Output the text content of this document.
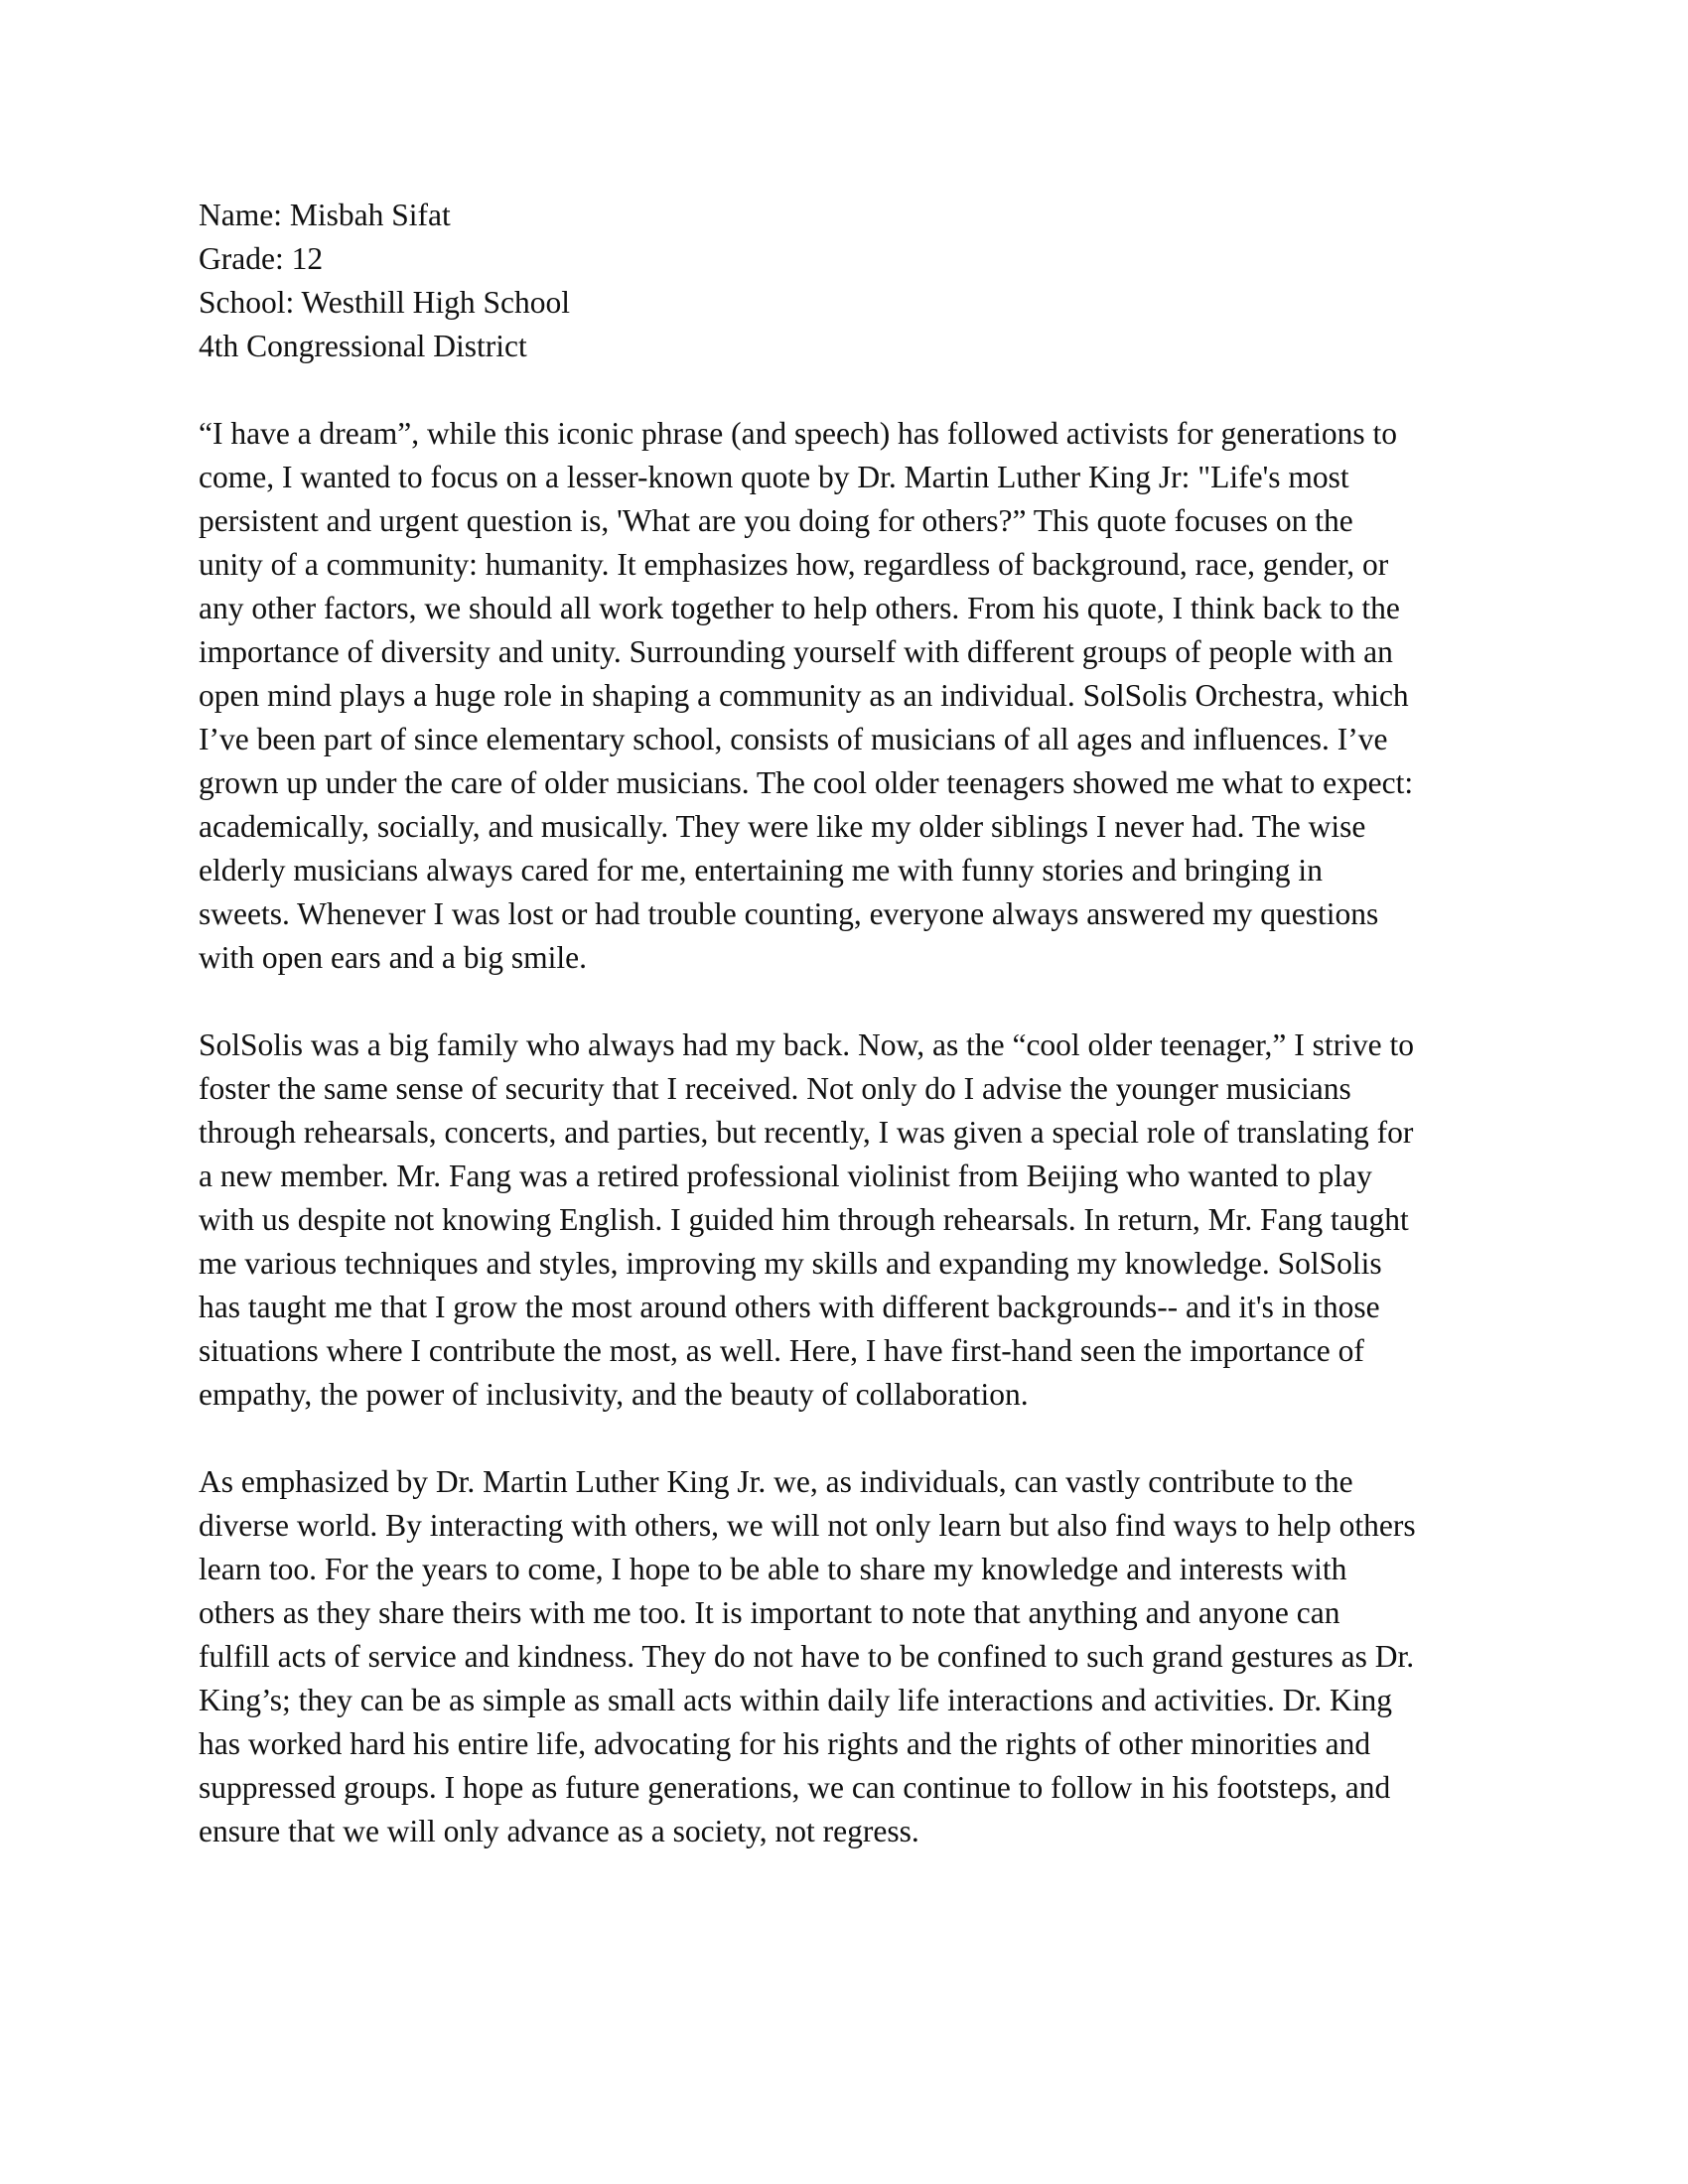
Name: Misbah Sifat
Grade: 12
School: Westhill High School
4th Congressional District
“I have a dream”, while this iconic phrase (and speech) has followed activists for generations to
come, I wanted to focus on a lesser-known quote by Dr. Martin Luther King Jr: "Life's most
persistent and urgent question is, 'What are you doing for others?” This quote focuses on the
unity of a community: humanity. It emphasizes how, regardless of background, race, gender, or
any other factors, we should all work together to help others. From his quote, I think back to the
importance of diversity and unity. Surrounding yourself with different groups of people with an
open mind plays a huge role in shaping a community as an individual. SolSolis Orchestra, which
I’ve been part of since elementary school, consists of musicians of all ages and influences. I’ve
grown up under the care of older musicians. The cool older teenagers showed me what to expect:
academically, socially, and musically. They were like my older siblings I never had. The wise
elderly musicians always cared for me, entertaining me with funny stories and bringing in
sweets. Whenever I was lost or had trouble counting, everyone always answered my questions
with open ears and a big smile.
SolSolis was a big family who always had my back. Now, as the “cool older teenager,” I strive to
foster the same sense of security that I received. Not only do I advise the younger musicians
through rehearsals, concerts, and parties, but recently, I was given a special role of translating for
a new member. Mr. Fang was a retired professional violinist from Beijing who wanted to play
with us despite not knowing English. I guided him through rehearsals. In return, Mr. Fang taught
me various techniques and styles, improving my skills and expanding my knowledge. SolSolis
has taught me that I grow the most around others with different backgrounds-- and it's in those
situations where I contribute the most, as well. Here, I have first-hand seen the importance of
empathy, the power of inclusivity, and the beauty of collaboration.
As emphasized by Dr. Martin Luther King Jr. we, as individuals, can vastly contribute to the
diverse world. By interacting with others, we will not only learn but also find ways to help others
learn too. For the years to come, I hope to be able to share my knowledge and interests with
others as they share theirs with me too. It is important to note that anything and anyone can
fulfill acts of service and kindness. They do not have to be confined to such grand gestures as Dr.
King’s; they can be as simple as small acts within daily life interactions and activities. Dr. King
has worked hard his entire life, advocating for his rights and the rights of other minorities and
suppressed groups. I hope as future generations, we can continue to follow in his footsteps, and
ensure that we will only advance as a society, not regress.
